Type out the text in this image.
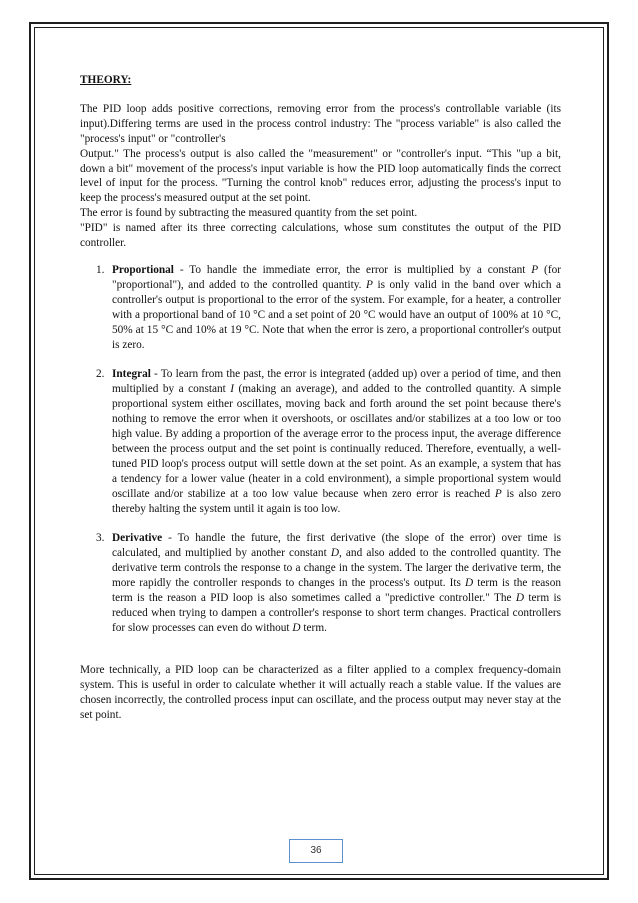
THEORY:

The PID loop adds positive corrections, removing error from the process's controllable variable (its input).Differing terms are used in the process control industry: The "process variable" is also called the "process's input" or "controller's

Output." The process's output is also called the "measurement" or "controller's input. “This "up a bit, down a bit" movement of the process's input variable is how the PID loop automatically finds the correct level of input for the process. "Turning the control knob" reduces error, adjusting the process's input to keep the process's measured output at the set point.

The error is found by subtracting the measured quantity from the set point.

"PID" is named after its three correcting calculations, whose sum constitutes the output of the PID controller.

1. Proportional - To handle the immediate error, the error is multiplied by a constant P (for "proportional"), and added to the controlled quantity. P is only valid in the band over which a controller's output is proportional to the error of the system. For example, for a heater, a controller with a proportional band of 10 °C and a set point of 20 °C would have an output of 100% at 10 °C, 50% at 15 °C and 10% at 19 °C. Note that when the error is zero, a proportional controller's output is zero.
2. Integral - To learn from the past, the error is integrated (added up) over a period of time, and then multiplied by a constant I (making an average), and added to the controlled quantity. A simple proportional system either oscillates, moving back and forth around the set point because there's nothing to remove the error when it overshoots, or oscillates and/or stabilizes at a too low or too high value. By adding a proportion of the average error to the process input, the average difference between the process output and the set point is continually reduced. Therefore, eventually, a well-tuned PID loop's process output will settle down at the set point. As an example, a system that has a tendency for a lower value (heater in a cold environment), a simple proportional system would oscillate and/or stabilize at a too low value because when zero error is reached P is also zero thereby halting the system until it again is too low.
3. Derivative - To handle the future, the first derivative (the slope of the error) over time is calculated, and multiplied by another constant D, and also added to the controlled quantity. The derivative term controls the response to a change in the system. The larger the derivative term, the more rapidly the controller responds to changes in the process's output. Its D term is the reason term is the reason a PID loop is also sometimes called a "predictive controller." The D term is reduced when trying to dampen a controller's response to short term changes. Practical controllers for slow processes can even do without D term.

More technically, a PID loop can be characterized as a filter applied to a complex frequency-domain system. This is useful in order to calculate whether it will actually reach a stable value. If the values are chosen incorrectly, the controlled process input can oscillate, and the process output may never stay at the set point.

36
